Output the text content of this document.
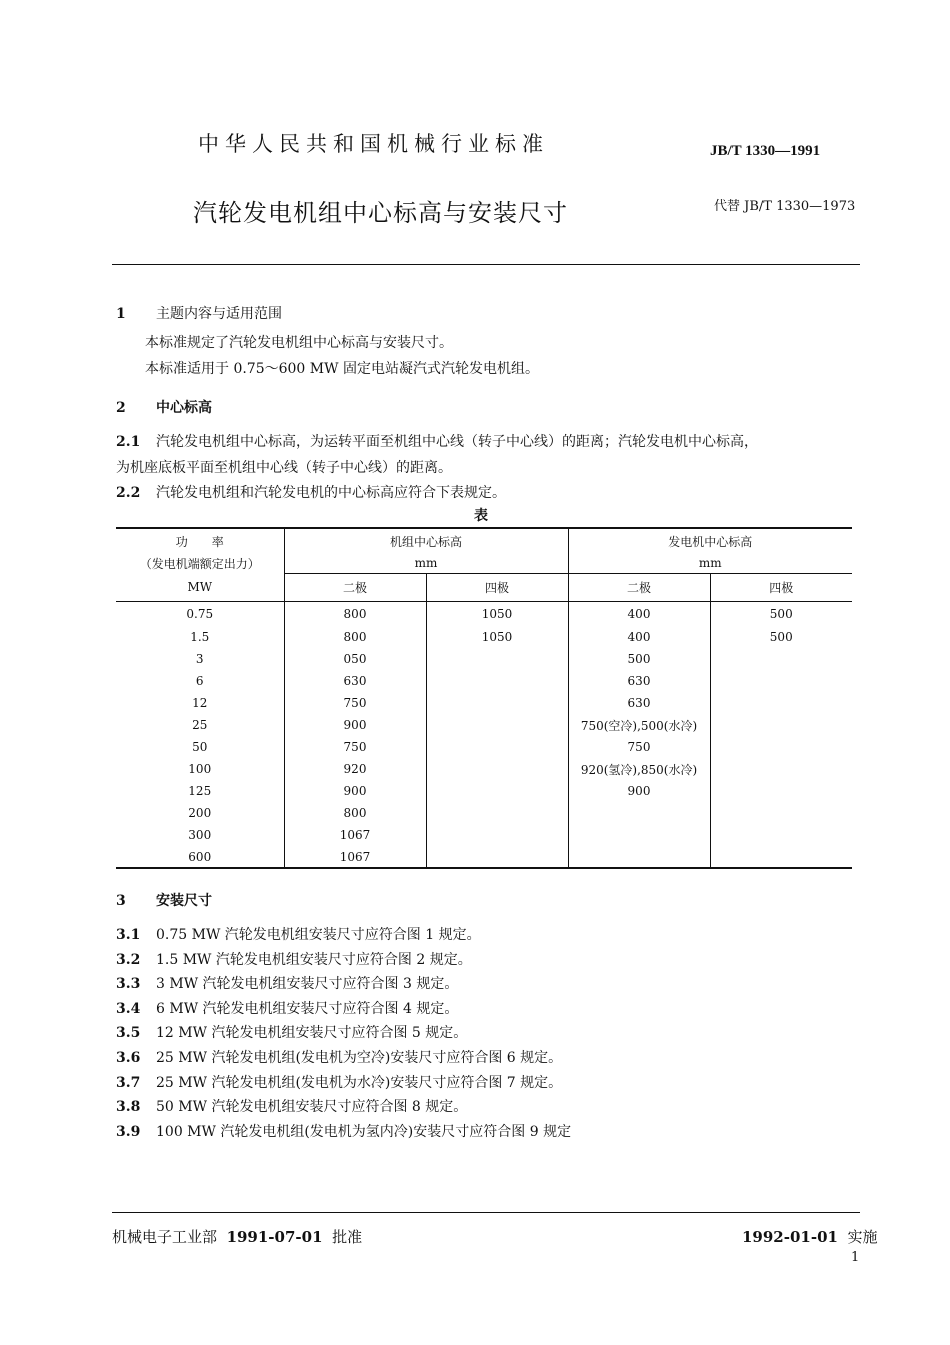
中华人民共和国机械行业标准	JB/T 1330—1991
汽轮发电机组中心标高与安装尺寸	代替 JB/T 1330—1973
1 主题内容与适用范围
本标准规定了汽轮发电机组中心标高与安装尺寸。
本标准适用于 0.75～600 MW 固定电站凝汽式汽轮发电机组。
2 中心标高
2.1 汽轮发电机组中心标高，为运转平面至机组中心线（转子中心线）的距离；汽轮发电机中心标高，
为机座底板平面至机组中心线（转子中心线）的距离。
2.2 汽轮发电机组和汽轮发电机的中心标高应符合下表规定。
表
功　　率	机组中心标高		发电机中心标高	
（发电机端额定出力）	mm		mm	
MW	二极	四极	二极	四极
0.75	800	1050	400	500
1.5	800	1050	400	500
3	050		500	
6	630		630	
12	750		630	
25	900		750(空冷),500(水冷)	
50	750		750	
100	920		920(氢冷),850(水冷)	
125	900		900	
200	800			
300	1067			
600	1067			
3 安装尺寸
3.1 0.75 MW 汽轮发电机组安装尺寸应符合图 1 规定。
3.2 1.5 MW 汽轮发电机组安装尺寸应符合图 2 规定。
3.3 3 MW 汽轮发电机组安装尺寸应符合图 3 规定。
3.4 6 MW 汽轮发电机组安装尺寸应符合图 4 规定。
3.5 12 MW 汽轮发电机组安装尺寸应符合图 5 规定。
3.6 25 MW 汽轮发电机组(发电机为空冷)安装尺寸应符合图 6 规定。
3.7 25 MW 汽轮发电机组(发电机为水冷)安装尺寸应符合图 7 规定。
3.8 50 MW 汽轮发电机组安装尺寸应符合图 8 规定。
3.9 100 MW 汽轮发电机组(发电机为氢内冷)安装尺寸应符合图 9 规定
机械电子工业部 1991-07-01 批准	1992-01-01 实施
1
